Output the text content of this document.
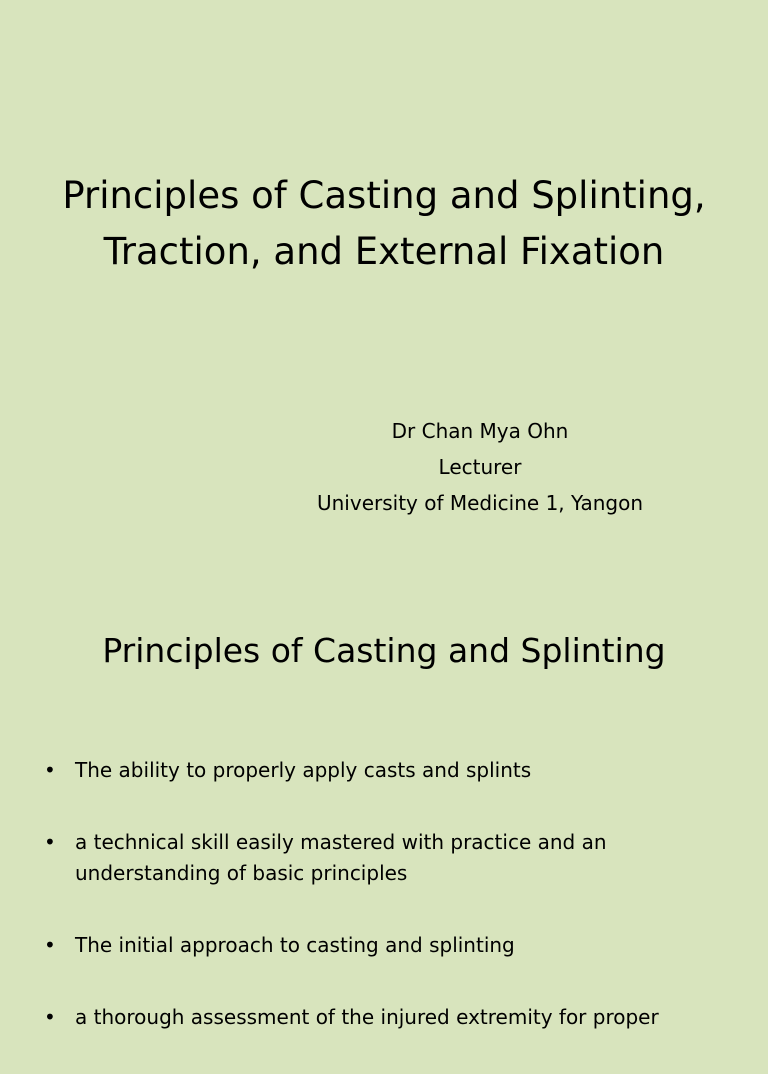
Principles of Casting and Splinting, Traction, and External Fixation
Dr Chan Mya Ohn
Lecturer
University of Medicine 1, Yangon
Principles of Casting and Splinting
• The ability to properly apply casts and splints
• a technical skill easily mastered with practice and an understanding of basic principles
• The initial approach to casting and splinting
• a thorough assessment of the injured extremity for proper
